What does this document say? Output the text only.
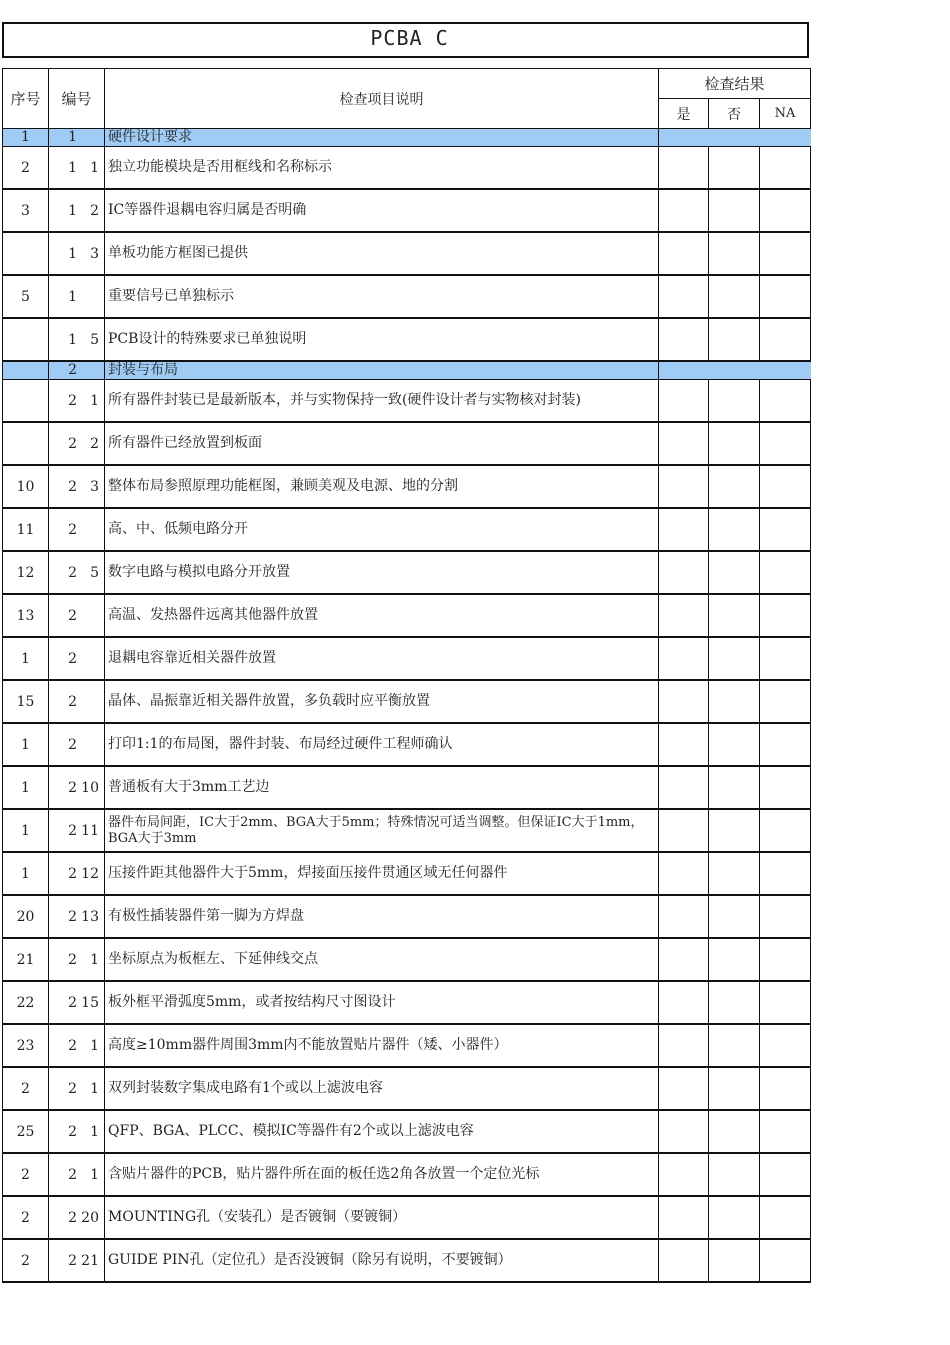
PCBA C
序号	编号	检查项目说明	检查结果		
			是	否	NA
1	1	硬件设计要求			
2	1 1	独立功能模块是否用框线和名称标示			
3	1 2	IC等器件退耦电容归属是否明确			
	1 3	单板功能方框图已提供			
5	1	重要信号已单独标示			
	1 5	PCB设计的特殊要求已单独说明			
	2	封装与布局			
	2 1	所有器件封装已是最新版本，并与实物保持一致(硬件设计者与实物核对封装)			
	2 2	所有器件已经放置到板面			
10	2 3	整体布局参照原理功能框图，兼顾美观及电源、地的分割			
11	2	高、中、低频电路分开			
12	2 5	数字电路与模拟电路分开放置			
13	2	高温、发热器件远离其他器件放置			
1	2	退耦电容靠近相关器件放置			
15	2	晶体、晶振靠近相关器件放置，多负载时应平衡放置			
1	2	打印1:1的布局图，器件封装、布局经过硬件工程师确认			
1	2 10	普通板有大于3mm工艺边			
1	2 11	器件布局间距，IC大于2mm、BGA大于5mm；特殊情况可适当调整。但保证IC大于1mm，BGA大于3mm			
1	2 12	压接件距其他器件大于5mm，焊接面压接件贯通区域无任何器件			
20	2 13	有极性插装器件第一脚为方焊盘			
21	2 1	坐标原点为板框左、下延伸线交点			
22	2 15	板外框平滑弧度5mm，或者按结构尺寸图设计			
23	2 1	高度≥10mm器件周围3mm内不能放置贴片器件（矮、小器件）			
2	2 1	双列封装数字集成电路有1个或以上滤波电容			
25	2 1	QFP、BGA、PLCC、模拟IC等器件有2个或以上滤波电容			
2	2 1	含贴片器件的PCB，贴片器件所在面的板任选2角各放置一个定位光标			
2	2 20	MOUNTING孔（安装孔）是否镀铜（要镀铜）			
2	2 21	GUIDE PIN孔（定位孔）是否没镀铜（除另有说明，不要镀铜）			
